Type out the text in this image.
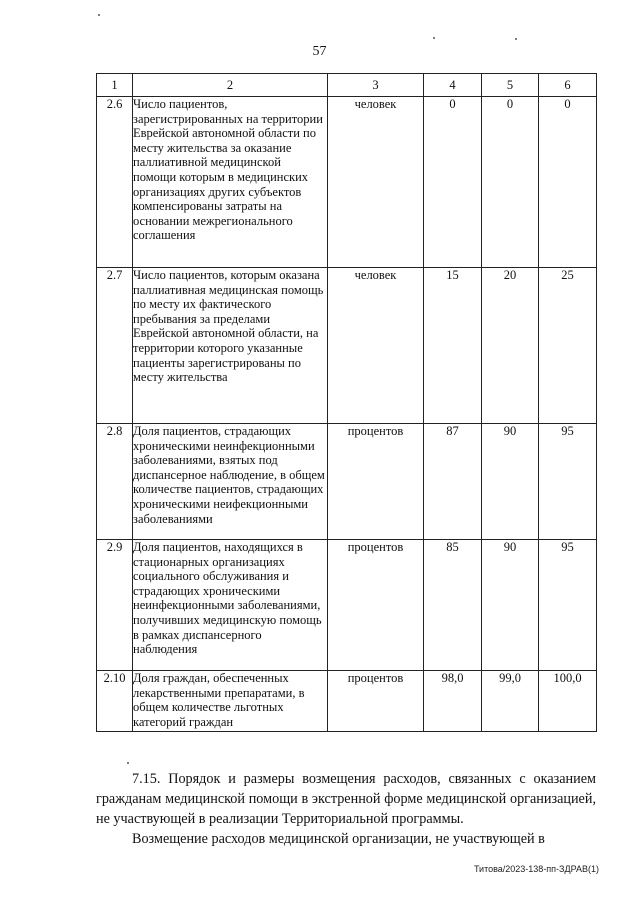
57
1	2	3	4	5	6
2.6	Число пациентов, зарегистрированных на территории Еврейской автономной области по месту жительства за оказание паллиативной медицинской помощи которым в медицинских организациях других субъектов компенсированы затраты на основании межрегионального соглашения	человек	0	0	0
2.7	Число пациентов, которым оказана паллиативная медицинская помощь по месту их фактического пребывания за пределами Еврейской автономной области, на территории которого указанные пациенты зарегистрированы по месту жительства	человек	15	20	25
2.8	Доля пациентов, страдающих хроническими неинфекционными заболеваниями, взятых под диспансерное наблюдение, в общем количестве пациентов, страдающих хроническими неифекционными заболеваниями	процентов	87	90	95
2.9	Доля пациентов, находящихся в стационарных организациях социального обслуживания и страдающих хроническими неинфекционными заболеваниями, получивших медицинскую помощь в рамках диспансерного наблюдения	процентов	85	90	95
2.10	Доля граждан, обеспеченных лекарственными препаратами, в общем количестве льготных категорий граждан	процентов	98,0	99,0	100,0
7.15. Порядок и размеры возмещения расходов, связанных с оказанием гражданам медицинской помощи в экстренной форме медицинской организацией, не участвующей в реализации Территориальной программы.
Возмещение расходов медицинской организации, не участвующей в
Титова/2023-138-пп-ЗДРАВ(1)
